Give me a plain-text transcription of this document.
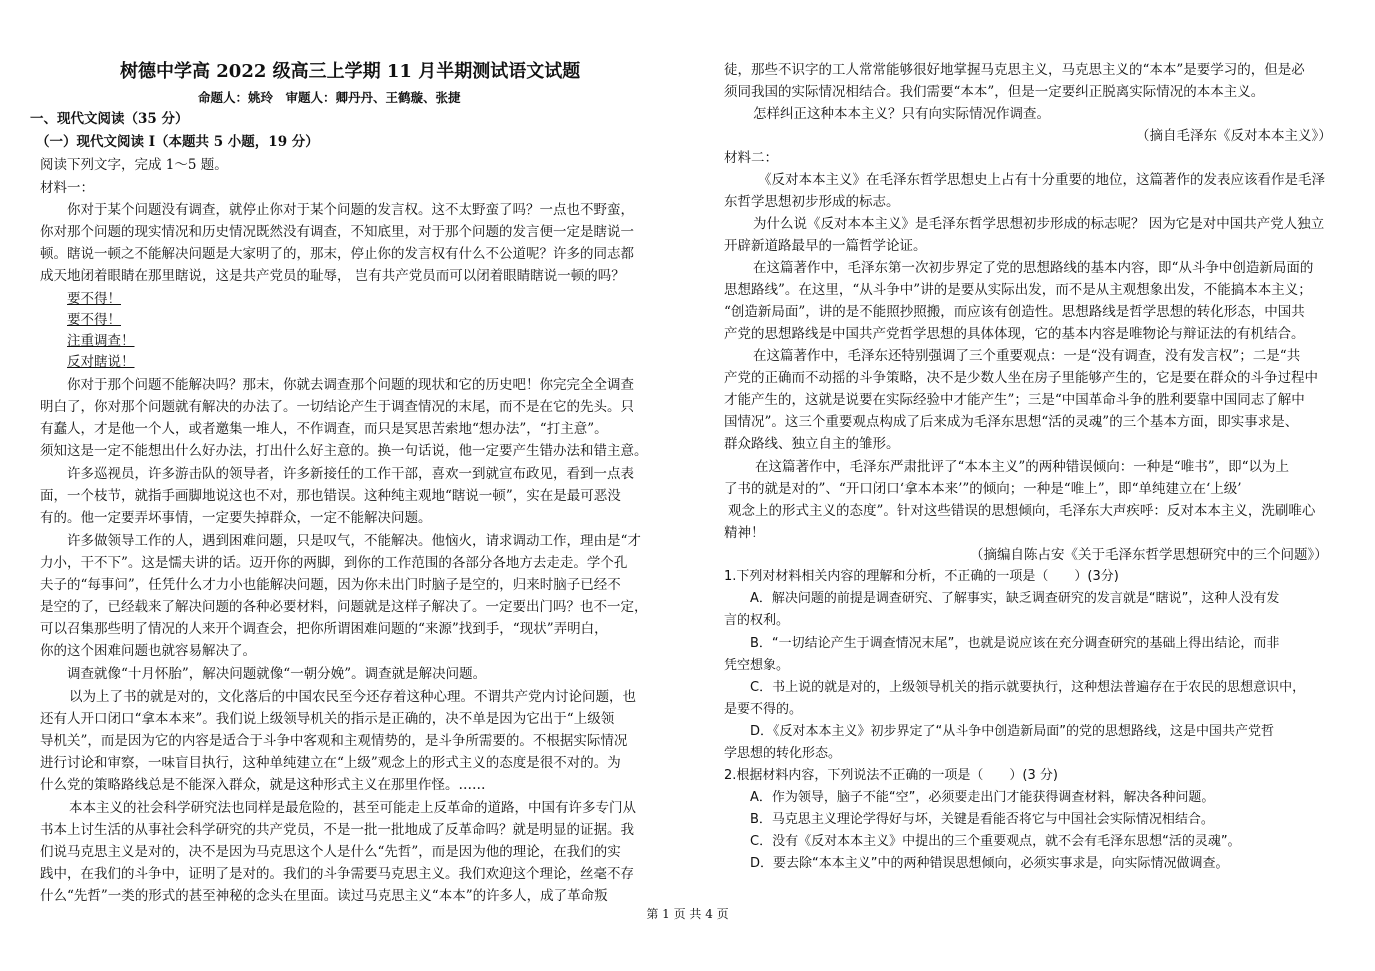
树德中学高 2022 级高三上学期 11 月半期测试语文试题
命题人：姚玲　审题人：卿丹丹、王鹤璇、张捷
一、现代文阅读（35 分）
（一）现代文阅读 Ⅰ（本题共 5 小题，19 分）
阅读下列文字，完成 1～5 题。
材料一：
你对于某个问题没有调查，就停止你对于某个问题的发言权。这不太野蛮了吗？一点也不野蛮，
你对那个问题的现实情况和历史情况既然没有调查，不知底里，对于那个问题的发言便一定是瞎说一
顿。瞎说一顿之不能解决问题是大家明了的，那末，停止你的发言权有什么不公道呢？许多的同志都
成天地闭着眼睛在那里瞎说，这是共产党员的耻辱， 岂有共产党员而可以闭着眼睛瞎说一顿的吗？
要不得！
要不得！
注重调查！
反对瞎说！
你对于那个问题不能解决吗？那末，你就去调查那个问题的现状和它的历史吧！你完完全全调查
明白了，你对那个问题就有解决的办法了。一切结论产生于调查情况的末尾，而不是在它的先头。只
有蠢人，才是他一个人，或者邀集一堆人，不作调查，而只是冥思苦索地“想办法”，“打主意”。
须知这是一定不能想出什么好办法，打出什么好主意的。换一句话说，他一定要产生错办法和错主意。
许多巡视员，许多游击队的领导者，许多新接任的工作干部，喜欢一到就宣布政见，看到一点表
面，一个枝节，就指手画脚地说这也不对，那也错误。这种纯主观地“瞎说一顿”，实在是最可恶没
有的。他一定要弄坏事情，一定要失掉群众，一定不能解决问题。
许多做领导工作的人，遇到困难问题，只是叹气，不能解决。他恼火，请求调动工作，理由是“才
力小，干不下”。这是懦夫讲的话。迈开你的两脚，到你的工作范围的各部分各地方去走走。学个孔
夫子的“每事问”，任凭什么才力小也能解决问题，因为你未出门时脑子是空的，归来时脑子已经不
是空的了，已经载来了解决问题的各种必要材料，问题就是这样子解决了。一定要出门吗？也不一定，
可以召集那些明了情况的人来开个调查会，把你所谓困难问题的“来源”找到手，“现状”弄明白，
你的这个困难问题也就容易解决了。
调查就像“十月怀胎”，解决问题就像“一朝分娩”。调查就是解决问题。
以为上了书的就是对的，文化落后的中国农民至今还存着这种心理。不谓共产党内讨论问题，也
还有人开口闭口“拿本本来”。我们说上级领导机关的指示是正确的，决不单是因为它出于“上级领
导机关”，而是因为它的内容是适合于斗争中客观和主观情势的，是斗争所需要的。不根据实际情况
进行讨论和审察，一味盲目执行，这种单纯建立在“上级”观念上的形式主义的态度是很不对的。为
什么党的策略路线总是不能深入群众，就是这种形式主义在那里作怪。……
本本主义的社会科学研究法也同样是最危险的，甚至可能走上反革命的道路，中国有许多专门从
书本上讨生活的从事社会科学研究的共产党员，不是一批一批地成了反革命吗？就是明显的证据。我
们说马克思主义是对的，决不是因为马克思这个人是什么“先哲”，而是因为他的理论，在我们的实
践中，在我们的斗争中，证明了是对的。我们的斗争需要马克思主义。我们欢迎这个理论，丝毫不存
什么“先哲”一类的形式的甚至神秘的念头在里面。读过马克思主义“本本”的许多人，成了革命叛
徒，那些不识字的工人常常能够很好地掌握马克思主义，马克思主义的“本本”是要学习的，但是必
须同我国的实际情况相结合。我们需要“本本”，但是一定要纠正脱离实际情况的本本主义。
怎样纠正这种本本主义？只有向实际情况作调查。
（摘自毛泽东《反对本本主义》）
材料二：
《反对本本主义》在毛泽东哲学思想史上占有十分重要的地位，这篇著作的发表应该看作是毛泽
东哲学思想初步形成的标志。
为什么说《反对本本主义》是毛泽东哲学思想初步形成的标志呢？ 因为它是对中国共产党人独立
开辟新道路最早的一篇哲学论证。
在这篇著作中，毛泽东第一次初步界定了党的思想路线的基本内容，即“从斗争中创造新局面的
思想路线”。在这里，“从斗争中”讲的是要从实际出发，而不是从主观想象出发，不能搞本本主义；
“创造新局面”，讲的是不能照抄照搬，而应该有创造性。思想路线是哲学思想的转化形态，中国共
产党的思想路线是中国共产党哲学思想的具体体现，它的基本内容是唯物论与辩证法的有机结合。
在这篇著作中，毛泽东还特别强调了三个重要观点：一是“没有调查，没有发言权”；二是“共
产党的正确而不动摇的斗争策略，决不是少数人坐在房子里能够产生的，它是要在群众的斗争过程中
才能产生的，这就是说要在实际经验中才能产生”；三是“中国革命斗争的胜利要靠中国同志了解中
国情况”。这三个重要观点构成了后来成为毛泽东思想“活的灵魂”的三个基本方面，即实事求是、
群众路线、独立自主的雏形。
在这篇著作中，毛泽东严肃批评了“本本主义”的两种错误倾向：一种是“唯书”，即“以为上
了书的就是对的”、“开口闭口‘拿本本来’”的倾向；一种是“唯上”，即“单纯建立在‘上级’
观念上的形式主义的态度”。针对这些错误的思想倾向，毛泽东大声疾呼：反对本本主义，洗刷唯心
精神！
（摘编自陈占安《关于毛泽东哲学思想研究中的三个问题》）
1.下列对材料相关内容的理解和分析，不正确的一项是（　　）(3分)
A．解决问题的前提是调查研究、了解事实，缺乏调查研究的发言就是“瞎说”，这种人没有发
言的权利。
B．“一切结论产生于调查情况末尾”，也就是说应该在充分调查研究的基础上得出结论，而非
凭空想象。
C．书上说的就是对的，上级领导机关的指示就要执行，这种想法普遍存在于农民的思想意识中，
是要不得的。
D．《反对本本主义》初步界定了“从斗争中创造新局面”的党的思想路线，这是中国共产党哲
学思想的转化形态。
2.根据材料内容，下列说法不正确的一项是（　　）(3 分)
A．作为领导，脑子不能“空”，必须要走出门才能获得调查材料，解决各种问题。
B．马克思主义理论学得好与坏，关键是看能否将它与中国社会实际情况相结合。
C．没有《反对本本主义》中提出的三个重要观点，就不会有毛泽东思想“活的灵魂”。
D．要去除“本本主义”中的两种错误思想倾向，必须实事求是，向实际情况做调查。
第 1 页 共 4 页
